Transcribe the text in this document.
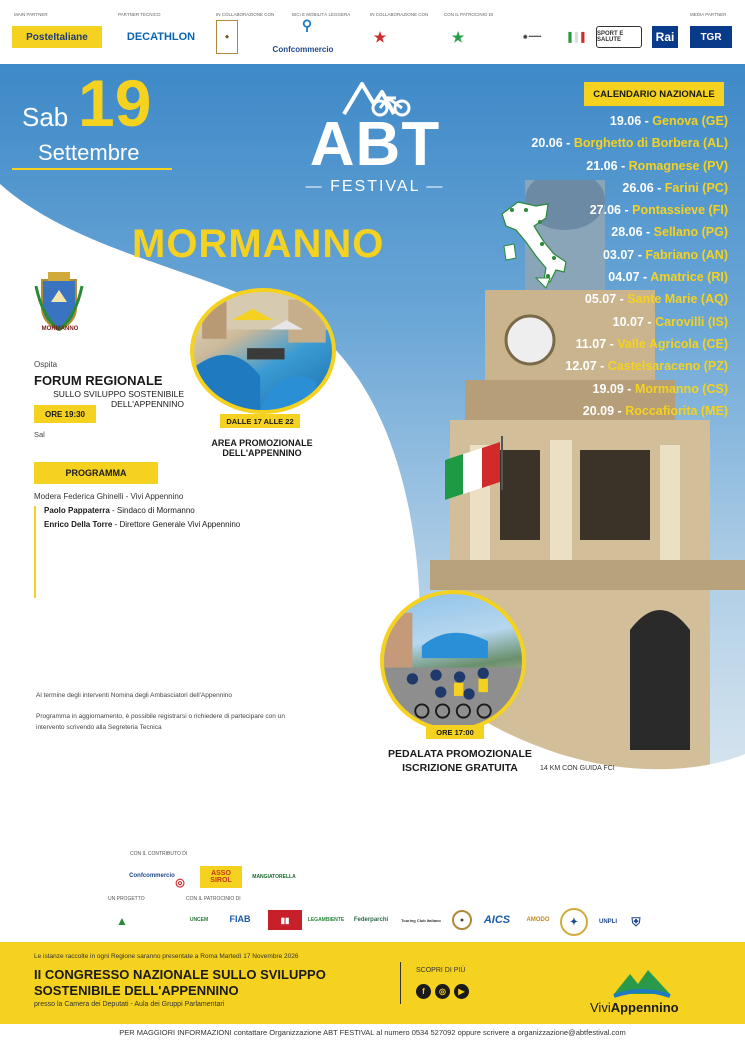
MAIN PARTNER	PARTNER TECNICO	IN COLLABORAZIONE CON	BICI E MOBILITÀ LEGGERA	IN COLLABORAZIONE CON	CON IL PATROCINIO DI	MEDIA PARTNER
PosteItaliane	DECATHLON	◆
⚲
Confcommercio
★	★	◉ ━━━━	▌ ▌ ▌ SPORT E SALUTE	Rai	TGR
Sab 19
Settembre	ABT
— FESTIVAL —
MORMANNO
CALENDARIO NAZIONALE
19.06 - Genova (GE)
20.06 - Borghetto di Borbera (AL)
21.06 - Romagnese (PV)
26.06 - Farini (PC)
27.06 - Pontassieve (FI)
28.06 - Sellano (PG)
03.07 - Fabriano (AN)
04.07 - Amatrice (RI)
05.07 - Sante Marie (AQ)
10.07 - Carovilli (IS)
11.07 - Valle Agricola (CE)
12.07 - Castelsaraceno (PZ)
19.09 - Mormanno (CS)
20.09 - Roccafiorita (ME)
MORMANNO
Ospita
FORUM REGIONALE
SULLO SVILUPPO SOSTENIBILE DELL'APPENNINO
ORE 19:30
Sal
DALLE 17 ALLE 22
AREA PROMOZIONALE DELL'APPENNINO
PROGRAMMA
Modera Federica Ghinelli - Vivi Appennino
Paolo Pappaterra - Sindaco di Mormanno
Enrico Della Torre - Direttore Generale Vivi Appennino
Al termine degli interventi Nomina degli Ambasciatori dell'Appennino
Programma in aggiornamento, è possibile registrarsi o richiedere di partecipare con un intervento scrivendo alla Segreteria Tecnica	ORE 17:00
PEDALATA PROMOZIONALE
ISCRIZIONE GRATUITA	14 KM CON GUIDA FCI
CON IL CONTRIBUTO DI
UN PROGETTO	CON IL PATROCINIO DI
Confcommercio
◎
ASSO SIROL	MANGIATORELLA
▲	UNCEM	FIAB	▮▮	LEGAMBIENTE	Federparchi	Touring Club Italiano	●	AICS	AMODO	✦	UNPLI	⛨
Le istanze raccolte in ogni Regione saranno presentate a Roma Martedì 17 Novembre 2026
II CONGRESSO NAZIONALE SULLO SVILUPPO
SOSTENIBILE DELL'APPENNINO
presso la Camera dei Deputati - Aula dei Gruppi Parlamentari
SCOPRI DI PIÙ
f	◎	▶
ViviAppennino
PER MAGGIORI INFORMAZIONI contattare Organizzazione ABT FESTIVAL al numero 0534 527092 oppure scrivere a organizzazione@abtfestival.com
